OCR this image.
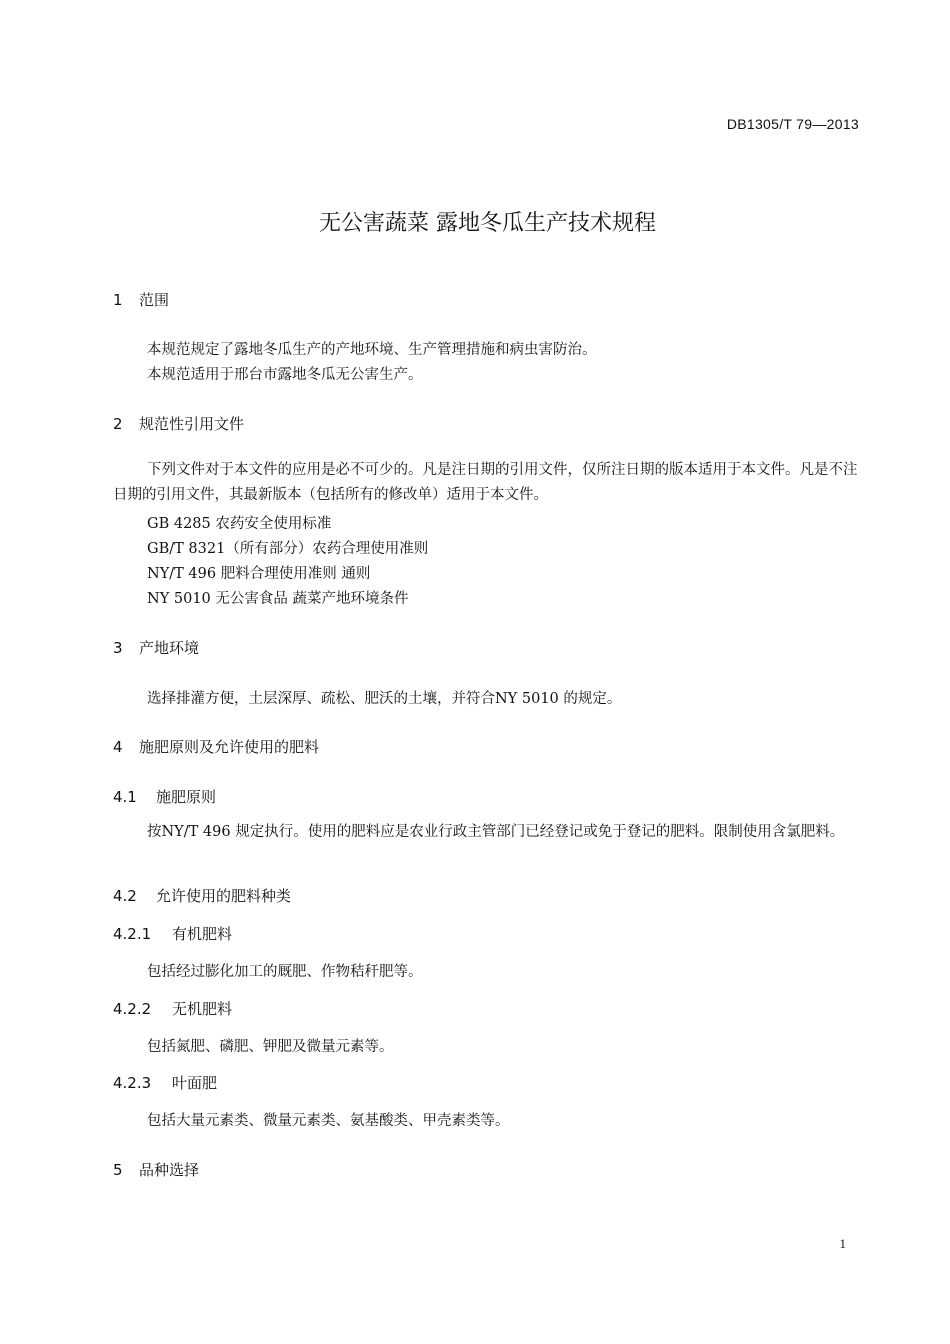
DB1305/T 79—2013
无公害蔬菜 露地冬瓜生产技术规程
1 范围
本规范规定了露地冬瓜生产的产地环境、生产管理措施和病虫害防治。
本规范适用于邢台市露地冬瓜无公害生产。
2 规范性引用文件

下列文件对于本文件的应用是必不可少的。凡是注日期的引用文件，仅所注日期的版本适用于本文件。凡是不注日期的引用文件，其最新版本（包括所有的修改单）适用于本文件。

GB 4285 农药安全使用标准
GB/T 8321（所有部分）农药合理使用准则
NY/T 496 肥料合理使用准则 通则
NY 5010 无公害食品 蔬菜产地环境条件
3 产地环境
选择排灌方便，土层深厚、疏松、肥沃的土壤，并符合NY 5010 的规定。
4 施肥原则及允许使用的肥料
4.1 施肥原则

按NY/T 496 规定执行。使用的肥料应是农业行政主管部门已经登记或免于登记的肥料。限制使用含氯肥料。

4.2 允许使用的肥料种类
4.2.1 有机肥料
包括经过膨化加工的厩肥、作物秸秆肥等。
4.2.2 无机肥料
包括氮肥、磷肥、钾肥及微量元素等。
4.2.3 叶面肥
包括大量元素类、微量元素类、氨基酸类、甲壳素类等。
5 品种选择
1
